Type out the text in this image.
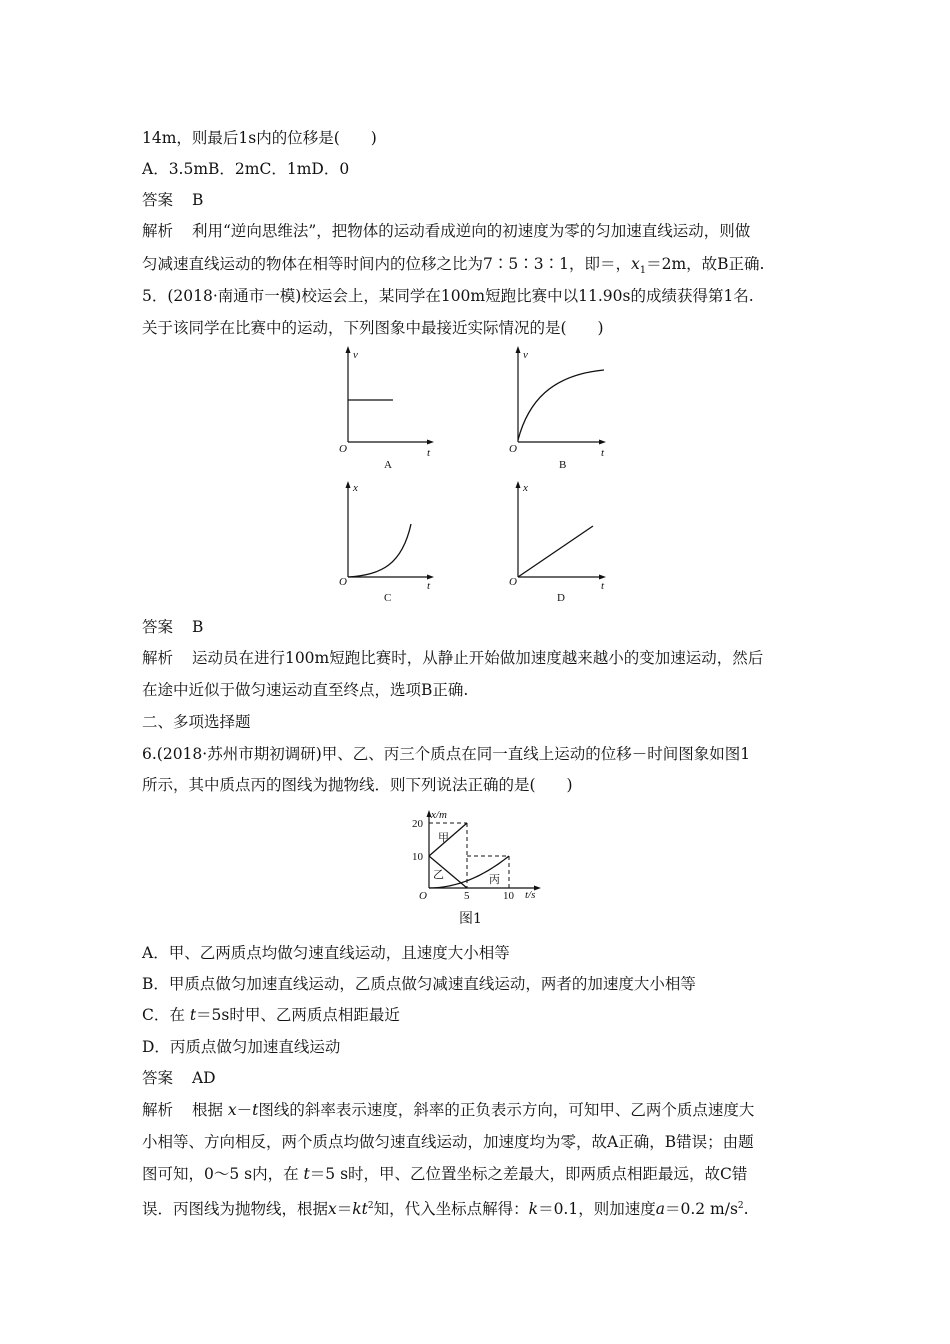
14m，则最后1s内的位移是(　　)
A．3.5mB．2mC．1mD．0
答案 B
解析 利用“逆向思维法”，把物体的运动看成逆向的初速度为零的匀加速直线运动，则做
匀减速直线运动的物体在相等时间内的位移之比为7∶5∶3∶1，即＝，$x_1=2m$，故B正确.
5．(2018·南通市一模)校运会上，某同学在100m短跑比赛中以11.90s的成绩获得第1名.
关于该同学在比赛中的运动，下列图象中最接近实际情况的是(　　)
v
t
O
A
v
t
O
B
x
t
O
C
x
t
O
D
答案 B
解析 运动员在进行100m短跑比赛时，从静止开始做加速度越来越小的变加速运动，然后
在途中近似于做匀速运动直至终点，选项B正确.
二、多项选择题
6.(2018·苏州市期初调研)甲、乙、丙三个质点在同一直线上运动的位移－时间图象如图1
所示，其中质点丙的图线为抛物线．则下列说法正确的是(　　)
x/m
t/s
O
20
10
5	10
甲
乙	丙
图1
A．甲、乙两质点均做匀速直线运动，且速度大小相等
B．甲质点做匀加速直线运动，乙质点做匀减速直线运动，两者的加速度大小相等
C．在 t＝5s时甲、乙两质点相距最近
D．丙质点做匀加速直线运动
答案 AD
解析 根据 x－t图线的斜率表示速度，斜率的正负表示方向，可知甲、乙两个质点速度大
小相等、方向相反，两个质点均做匀速直线运动，加速度均为零，故A正确，B错误；由题
图可知，0～5 s内，在 t＝5 s时，甲、乙位置坐标之差最大，即两质点相距最远，故C错
误．丙图线为抛物线，根据$x=kt^2$知，代入坐标点解得：k＝0.1，则加速度a＝0.2 $m/s^2$.
